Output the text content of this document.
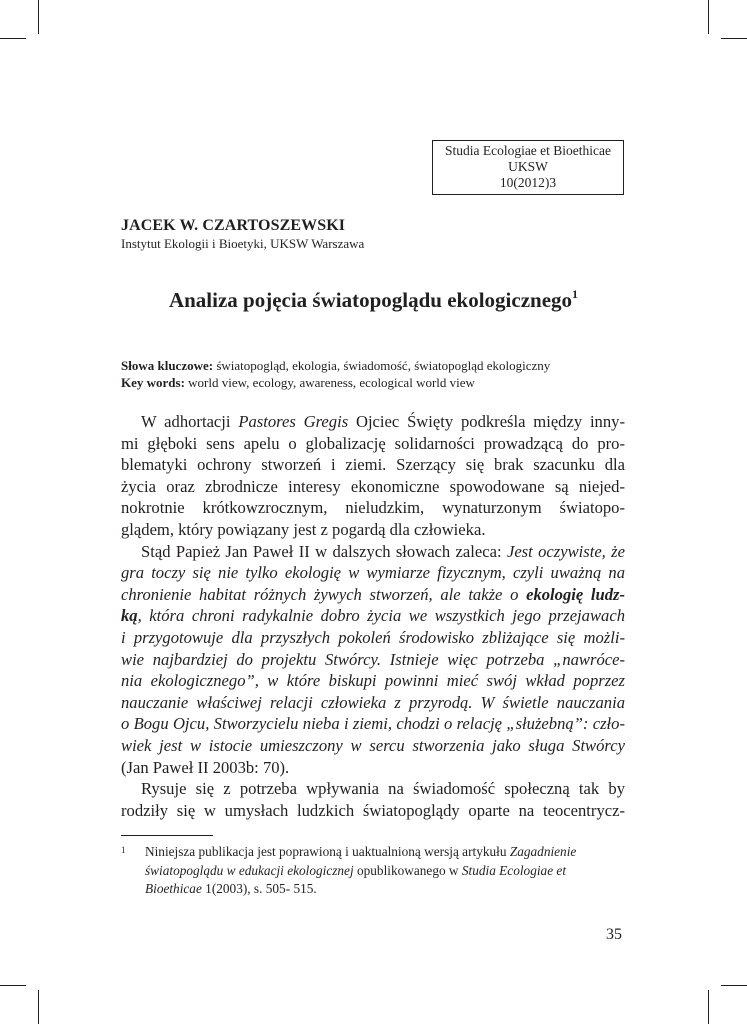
Studia Ecologiae et Bioethicae
UKSW
10(2012)3
JACEK W. CZARTOSZEWSKI
Instytut Ekologii i Bioetyki, UKSW Warszawa
Analiza pojęcia światopoglądu ekologicznego$^1$
Słowa kluczowe: światopogląd, ekologia, świadomość, światopogląd ekologiczny
Key words: world view, ecology, awareness, ecological world view
W adhortacji Pastores Gregis Ojciec Święty podkreśla między inny-
mi głęboki sens apelu o globalizację solidarności prowadzącą do pro-
blematyki ochrony stworzeń i ziemi. Szerzący się brak szacunku dla
życia oraz zbrodnicze interesy ekonomiczne spowodowane są niejed-
nokrotnie krótkowzrocznym, nieludzkim, wynaturzonym światopo-
glądem, który powiązany jest z pogardą dla człowieka.
Stąd Papież Jan Paweł II w dalszych słowach zaleca: Jest oczywiste, że
gra toczy się nie tylko ekologię w wymiarze fizycznym, czyli uważną na
chronienie habitat różnych żywych stworzeń, ale także o ekologię ludz-
ką, która chroni radykalnie dobro życia we wszystkich jego przejawach
i przygotowuje dla przyszłych pokoleń środowisko zbliżające się możli-
wie najbardziej do projektu Stwórcy. Istnieje więc potrzeba „nawróce-
nia ekologicznego”, w które biskupi powinni mieć swój wkład poprzez
nauczanie właściwej relacji człowieka z przyrodą. W świetle nauczania
o Bogu Ojcu, Stworzycielu nieba i ziemi, chodzi o relację „służebną”: czło-
wiek jest w istocie umieszczony w sercu stworzenia jako sługa Stwórcy
(Jan Paweł II 2003b: 70).
Rysuje się z potrzeba wpływania na świadomość społeczną tak by
rodziły się w umysłach ludzkich światopoglądy oparte na teocentrycz-
1 Niniejsza publikacja jest poprawioną i uaktualnioną wersją artykułu Zagadnienie światopoglądu w edukacji ekologicznej opublikowanego w Studia Ecologiae et Bioethicae 1(2003), s. 505- 515.
35
